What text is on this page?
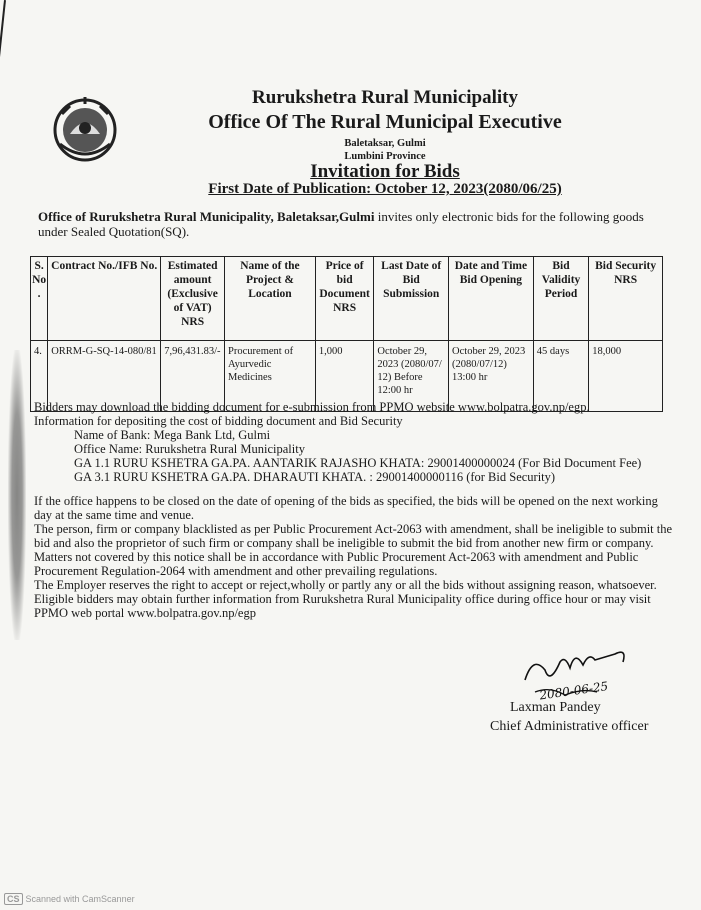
Rurukshetra Rural Municipality
Office Of The Rural Municipal Executive
Baletaksar, Gulmi
Lumbini Province
Invitation for Bids
First Date of Publication: October 12, 2023(2080/06/25)
Office of Rurukshetra Rural Municipality, Baletaksar,Gulmi invites only electronic bids for the following goods under Sealed Quotation(SQ).
S. No .	Contract No./IFB No.	Estimated amount (Exclusive of VAT) NRS	Name of the Project & Location	Price of bid Document NRS	Last Date of Bid Submission	Date and Time Bid Opening	Bid Validity Period	Bid Security NRS
4.	ORRM-G-SQ-14-080/81	7,96,431.83/-	Procurement of Ayurvedic Medicines	1,000	October 29, 2023 (2080/07/ 12) Before 12:00 hr	October 29, 2023 (2080/07/12) 13:00 hr	45 days	18,000

Bidders may download the bidding document for e-submission from PPMO website www.bolpatra.gov.np/egp.

Information for depositing the cost of bidding document and Bid Security

Name of Bank: Mega Bank Ltd, Gulmi

Office Name: Rurukshetra Rural Municipality

GA 1.1 RURU KSHETRA GA.PA. AANTARIK RAJASHO KHATA: 29001400000024 (For Bid Document Fee)

GA 3.1 RURU KSHETRA GA.PA. DHARAUTI KHATA. : 29001400000116 (for Bid Security)

If the office happens to be closed on the date of opening of the bids as specified, the bids will be opened on the next working day at the same time and venue.

The person, firm or company blacklisted as per Public Procurement Act-2063 with amendment, shall be ineligible to submit the bid and also the proprietor of such firm or company shall be ineligible to submit the bid from another new firm or company.

Matters not covered by this notice shall be in accordance with Public Procurement Act-2063 with amendment and Public Procurement Regulation-2064 with amendment and other prevailing regulations.

The Employer reserves the right to accept or reject,wholly or partly any or all the bids without assigning reason, whatsoever.

Eligible bidders may obtain further information from Rurukshetra Rural Municipality office during office hour or may visit PPMO web portal www.bolpatra.gov.np/egp

2080-06-25
Laxman Pandey
Chief Administrative officer
CS Scanned with CamScanner
